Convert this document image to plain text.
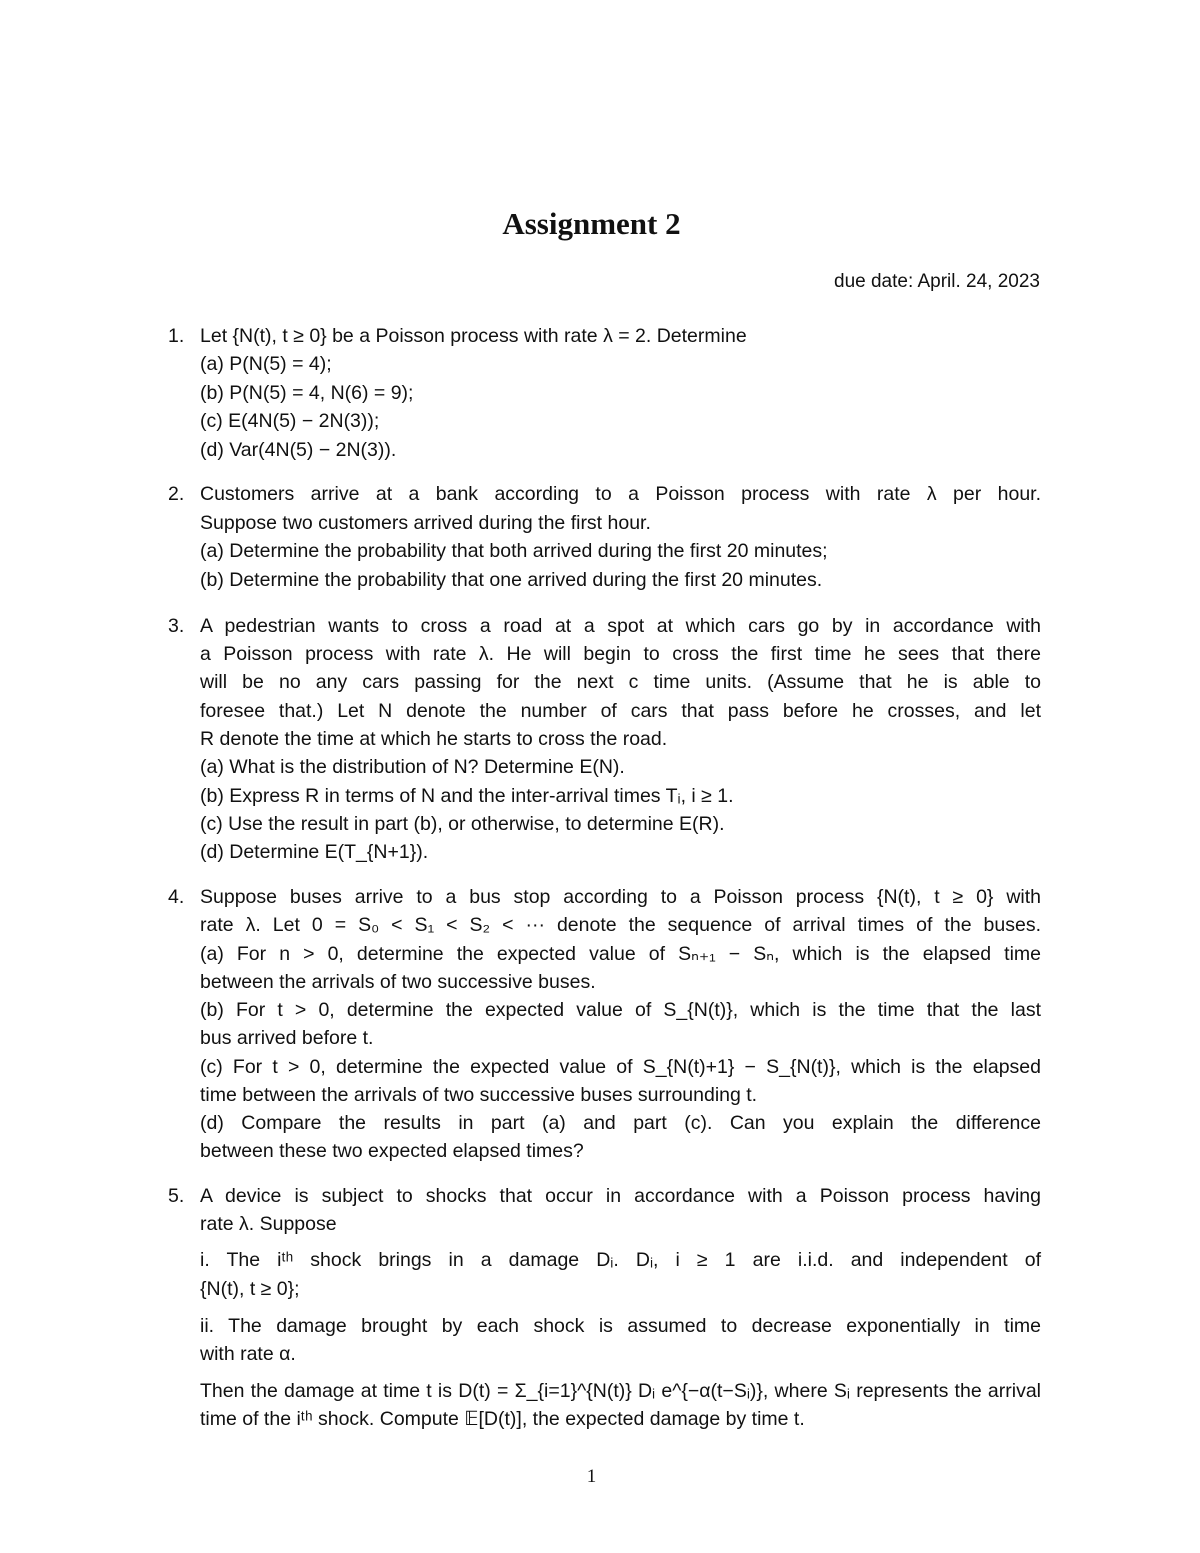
Assignment 2
due date: April. 24, 2023
1. Let {N(t), t ≥ 0} be a Poisson process with rate λ = 2. Determine
(a) P(N(5) = 4);
(b) P(N(5) = 4, N(6) = 9);
(c) E(4N(5) − 2N(3));
(d) Var(4N(5) − 2N(3)).
2. Customers arrive at a bank according to a Poisson process with rate λ per hour.
Suppose two customers arrived during the first hour.
(a) Determine the probability that both arrived during the first 20 minutes;
(b) Determine the probability that one arrived during the first 20 minutes.
3. A pedestrian wants to cross a road at a spot at which cars go by in accordance with
a Poisson process with rate λ. He will begin to cross the first time he sees that there
will be no any cars passing for the next c time units. (Assume that he is able to
foresee that.) Let N denote the number of cars that pass before he crosses, and let
R denote the time at which he starts to cross the road.
(a) What is the distribution of N? Determine E(N).
(b) Express R in terms of N and the inter-arrival times Tᵢ, i ≥ 1.
(c) Use the result in part (b), or otherwise, to determine E(R).
(d) Determine E(T_{N+1}).
4. Suppose buses arrive to a bus stop according to a Poisson process {N(t), t ≥ 0} with
rate λ. Let 0 = S₀ < S₁ < S₂ < ··· denote the sequence of arrival times of the buses.
(a) For n > 0, determine the expected value of Sₙ₊₁ − Sₙ, which is the elapsed time
between the arrivals of two successive buses.
(b) For t > 0, determine the expected value of S_{N(t)}, which is the time that the last
bus arrived before t.
(c) For t > 0, determine the expected value of S_{N(t)+1} − S_{N(t)}, which is the elapsed
time between the arrivals of two successive buses surrounding t.
(d) Compare the results in part (a) and part (c). Can you explain the difference
between these two expected elapsed times?
5. A device is subject to shocks that occur in accordance with a Poisson process having
rate λ. Suppose
i. The iᵗʰ shock brings in a damage Dᵢ. Dᵢ, i ≥ 1 are i.i.d. and independent of
{N(t), t ≥ 0};
ii. The damage brought by each shock is assumed to decrease exponentially in time
with rate α.
Then the damage at time t is D(t) = Σ_{i=1}^{N(t)} Dᵢ e^{−α(t−Sᵢ)}, where Sᵢ represents the arrival
time of the iᵗʰ shock. Compute 𝔼[D(t)], the expected damage by time t.
1
